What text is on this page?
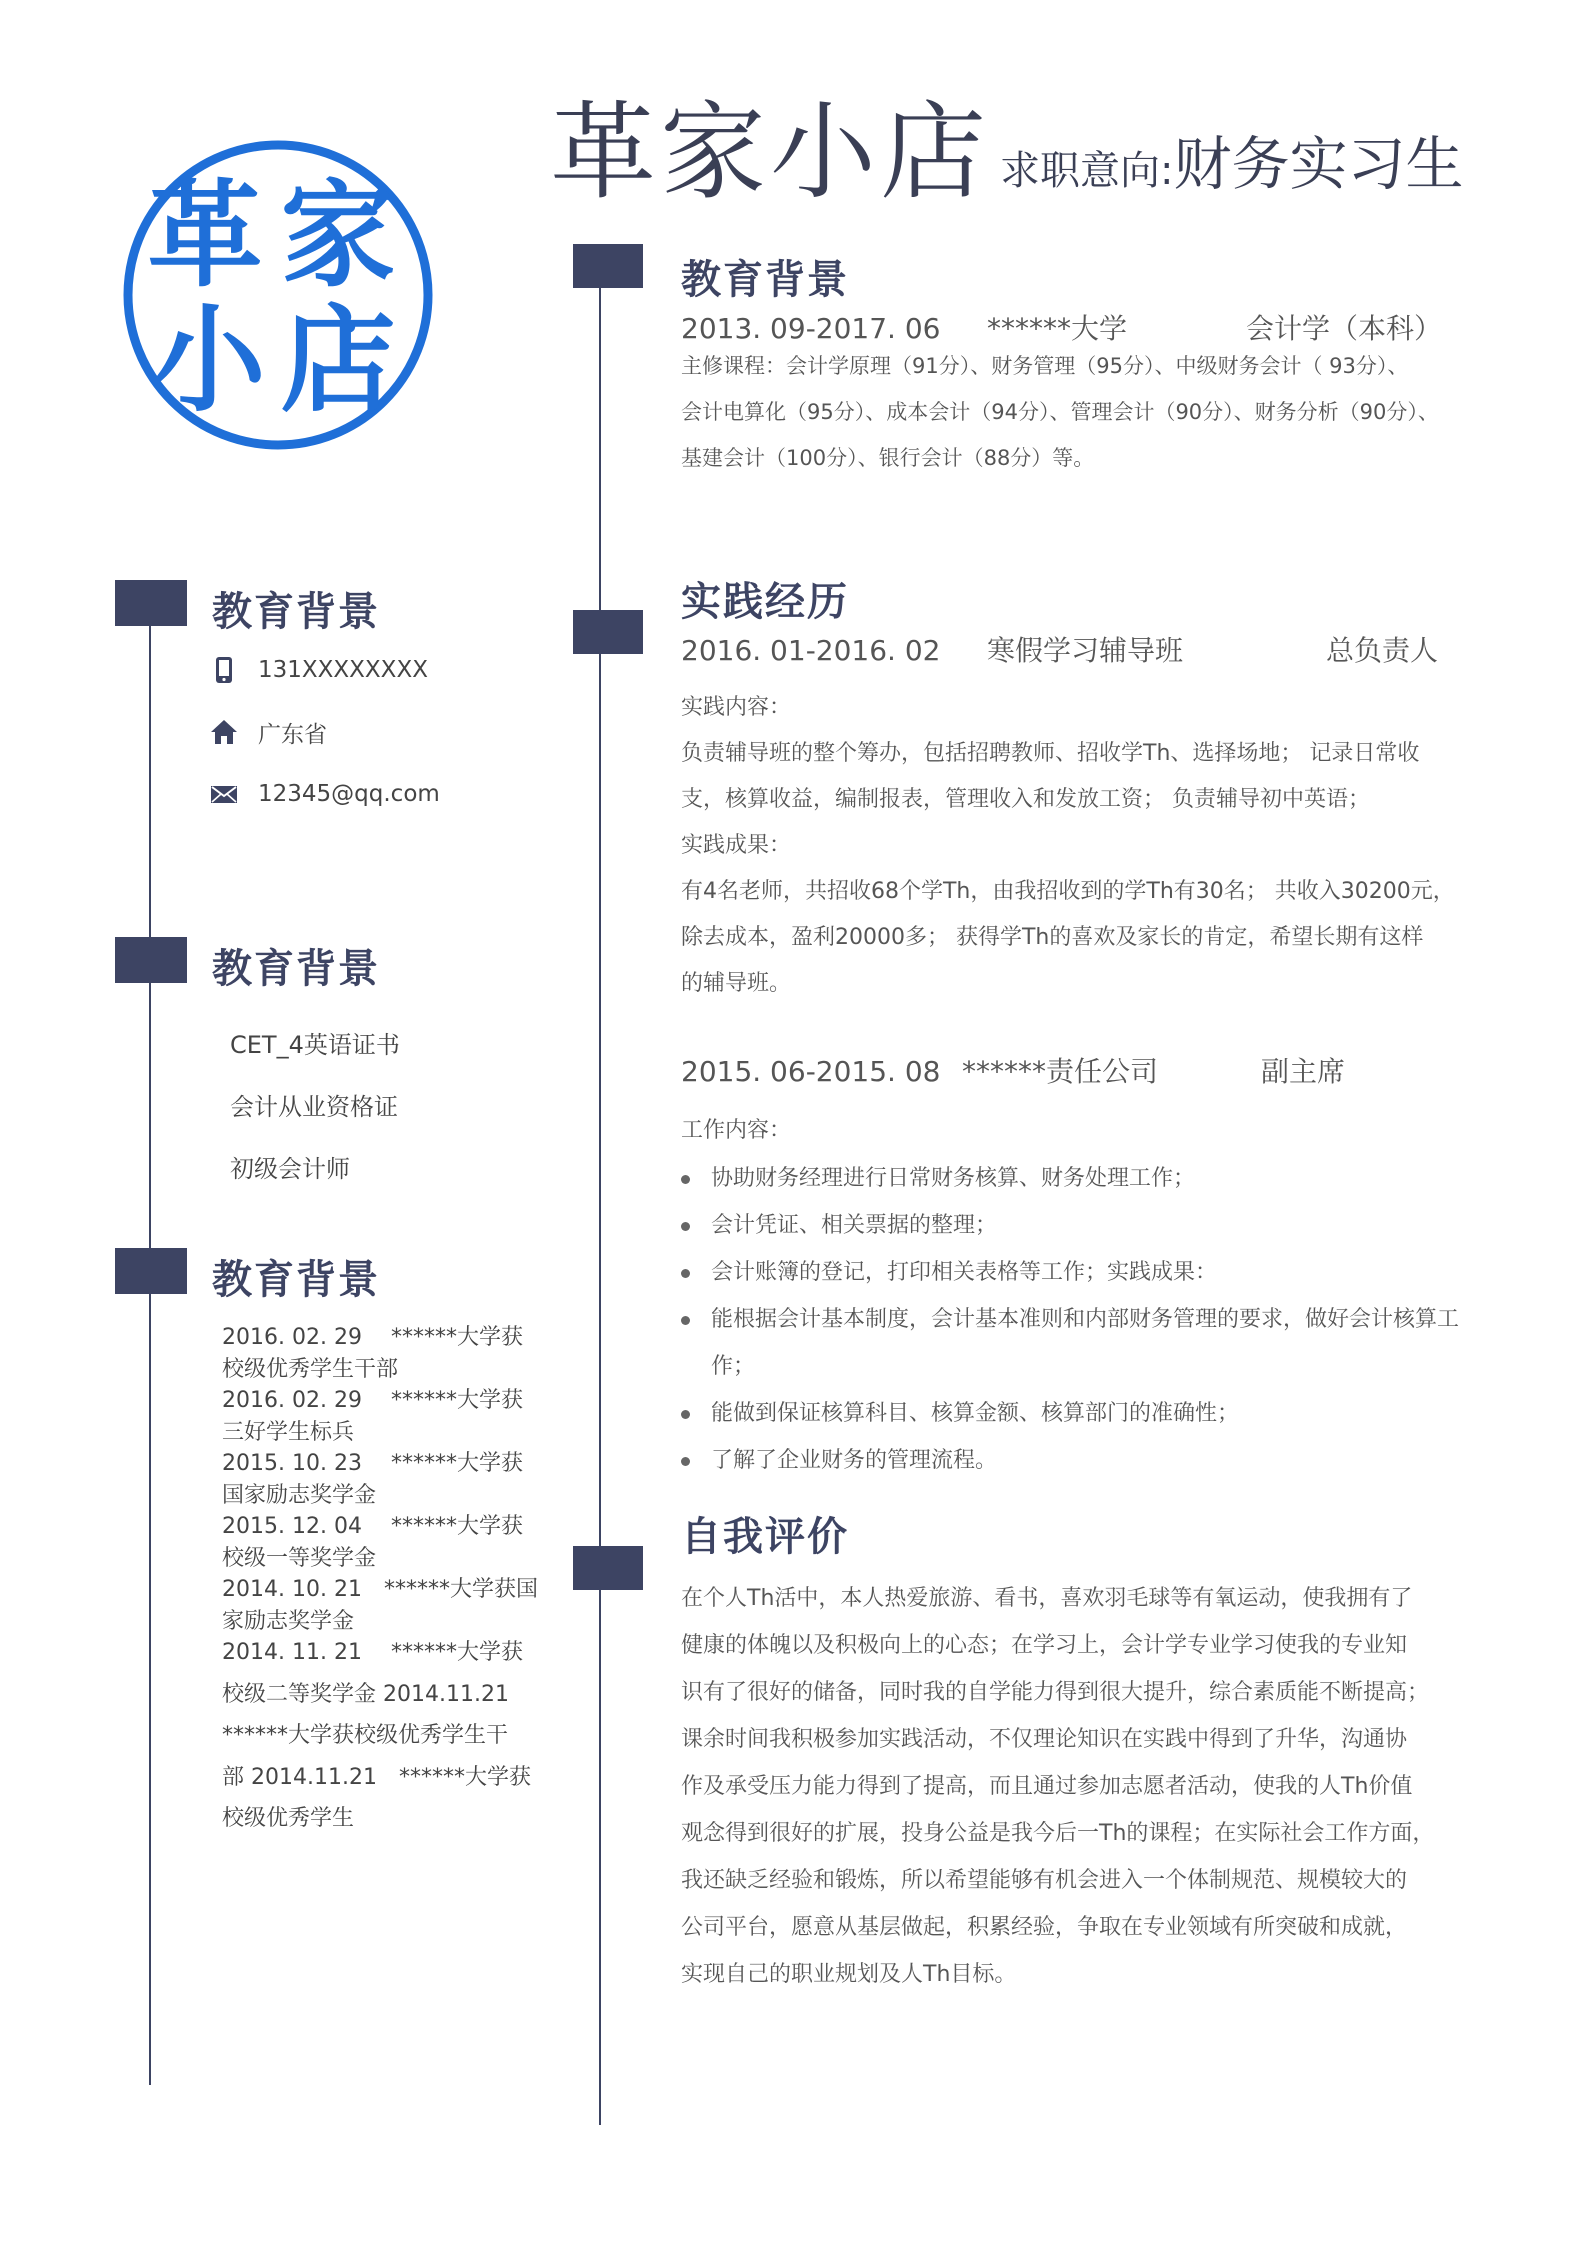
革家小店 求职意向:财务实习生
革 家
小 店
教育背景
131XXXXXXXX
广东省
12345@qq.com
教育背景
CET_4英语证书
会计从业资格证
初级会计师
教育背景
2016. 02. 29　 ******大学获
校级优秀学生干部
2016. 02. 29　 ******大学获
三好学生标兵
2015. 10. 23　 ******大学获
国家励志奖学金
2015. 12. 04　 ******大学获
校级一等奖学金
2014. 10. 21　******大学获国
家励志奖学金
2014. 11. 21　 ******大学获
校级二等奖学金 2014.11.21
******大学获校级优秀学生干
部 2014.11.21　******大学获
校级优秀学生
教育背景
2013. 09-2017. 06 ******大学	会计学（本科）
主修课程：会计学原理（91分）、财务管理（95分）、中级财务会计（ 93分）、
会计电算化（95分）、成本会计（94分）、管理会计（90分）、财务分析（90分）、
基建会计（100分）、银行会计（88分）等。
实践经历
2016. 01-2016. 02 寒假学习辅导班	总负责人
实践内容：
负责辅导班的整个筹办，包括招聘教师、招收学Th、选择场地； 记录日常收
支，核算收益，编制报表，管理收入和发放工资； 负责辅导初中英语；
实践成果：
有4名老师，共招收68个学Th，由我招收到的学Th有30名； 共收入30200元，
除去成本，盈利20000多； 获得学Th的喜欢及家长的肯定，希望长期有这样
的辅导班。
2015. 06-2015. 08 ******责任公司	副主席
工作内容：
协助财务经理进行日常财务核算、财务处理工作；
会计凭证、相关票据的整理；
会计账簿的登记，打印相关表格等工作；实践成果：
能根据会计基本制度，会计基本准则和内部财务管理的要求，做好会计核算工作；
能做到保证核算科目、核算金额、核算部门的准确性；
了解了企业财务的管理流程。
自我评价
在个人Th活中，本人热爱旅游、看书，喜欢羽毛球等有氧运动，使我拥有了
健康的体魄以及积极向上的心态；在学习上，会计学专业学习使我的专业知
识有了很好的储备，同时我的自学能力得到很大提升，综合素质能不断提高；
课余时间我积极参加实践活动，不仅理论知识在实践中得到了升华，沟通协
作及承受压力能力得到了提高，而且通过参加志愿者活动，使我的人Th价值
观念得到很好的扩展，投身公益是我今后一Th的课程；在实际社会工作方面，
我还缺乏经验和锻炼，所以希望能够有机会进入一个体制规范、规模较大的
公司平台，愿意从基层做起，积累经验，争取在专业领域有所突破和成就，
实现自己的职业规划及人Th目标。
